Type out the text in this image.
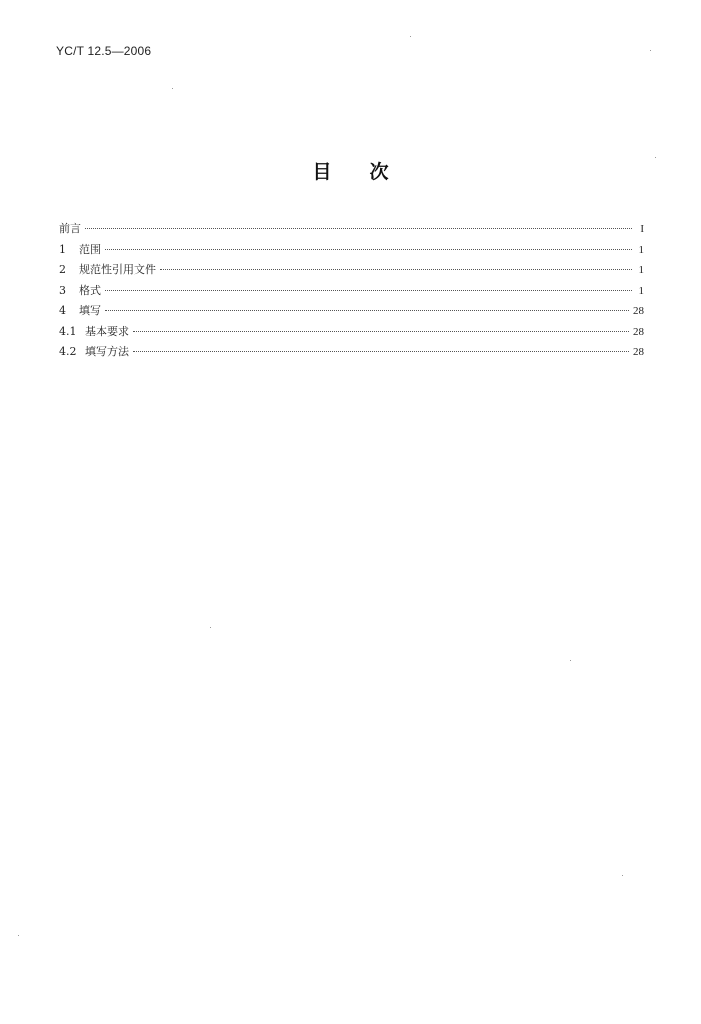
YC/T 12.5—2006
目 次
前言	I
1	范围	1
2	规范性引用文件	1
3	格式	1
4	填写	28
4.1 基本要求	28
4.2 填写方法	28
